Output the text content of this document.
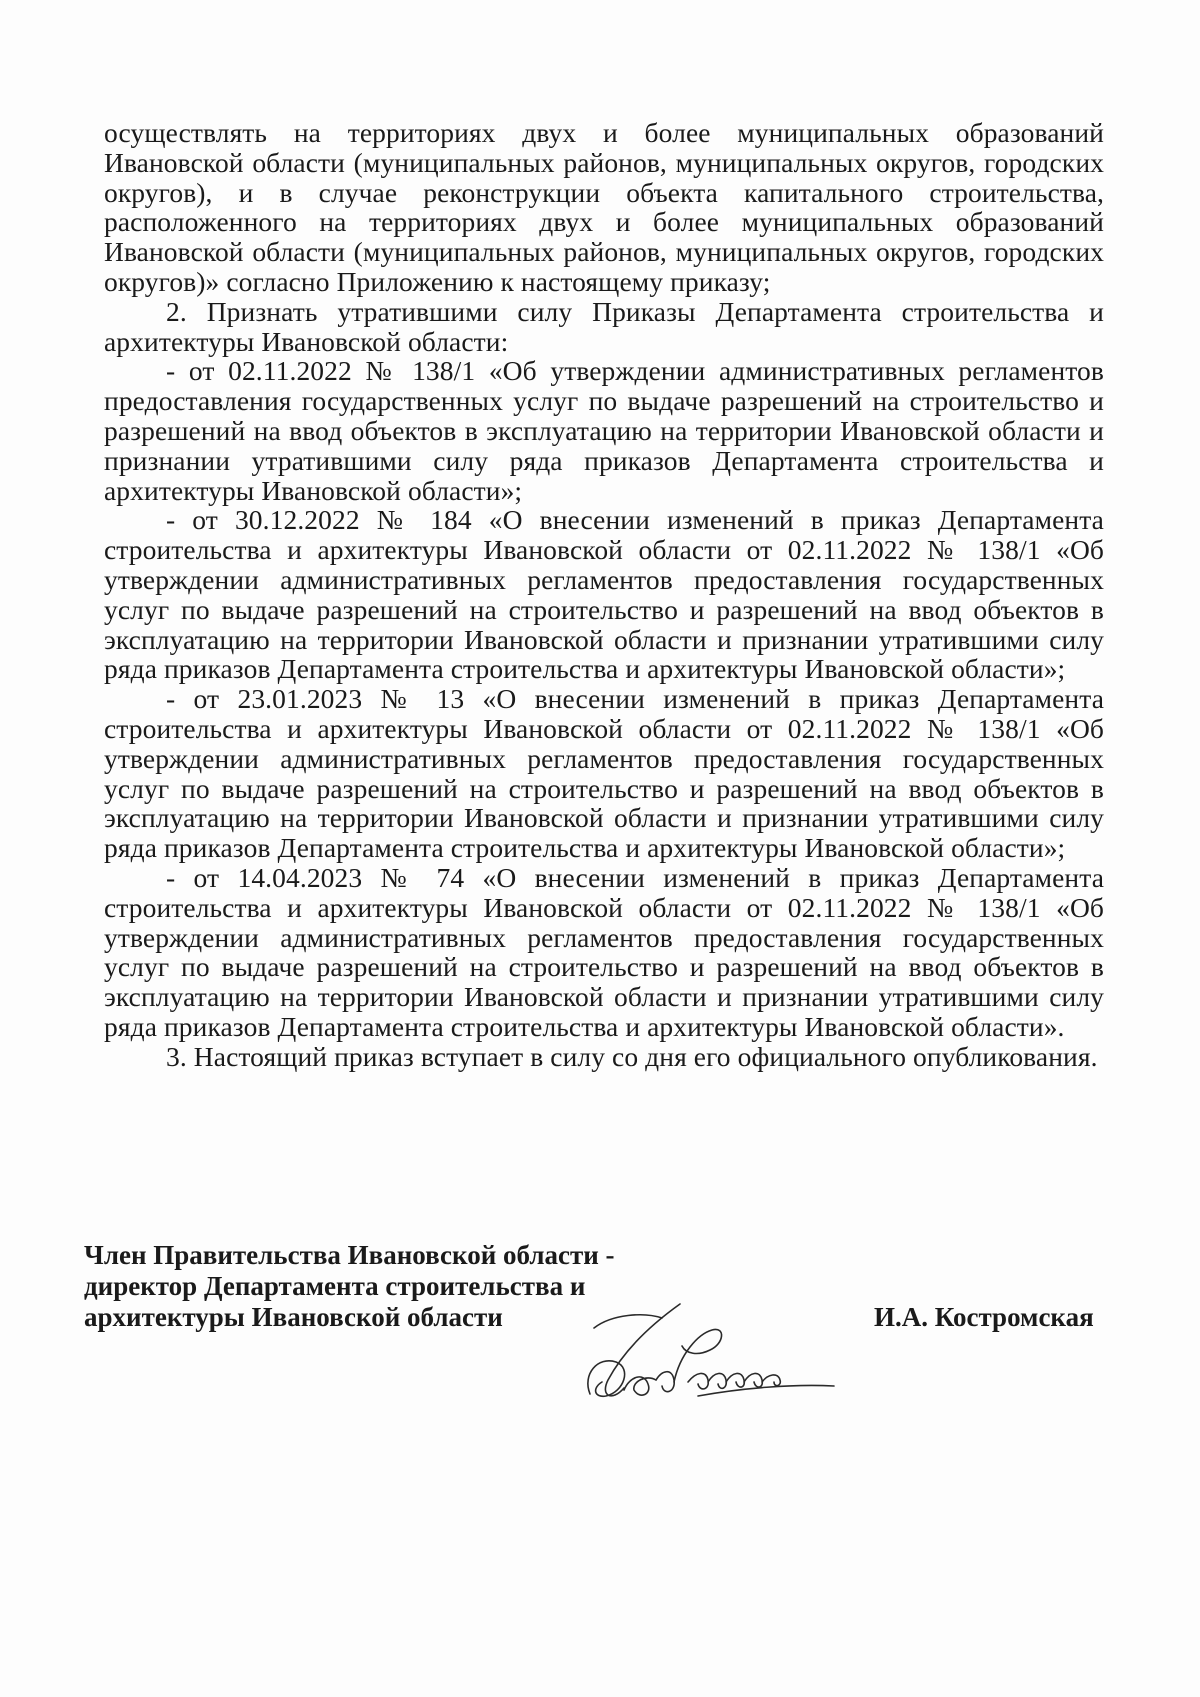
осуществлять на территориях двух и более муниципальных образований Ивановской области (муниципальных районов, муниципальных округов, городских округов), и в случае реконструкции объекта капитального строительства, расположенного на территориях двух и более муниципальных образований Ивановской области (муниципальных районов, муниципальных округов, городских округов)» согласно Приложению к настоящему приказу;

2. Признать утратившими силу Приказы Департамента строительства и архитектуры Ивановской области:

- от 02.11.2022 № 138/1 «Об утверждении административных регламентов предоставления государственных услуг по выдаче разрешений на строительство и разрешений на ввод объектов в эксплуатацию на территории Ивановской области и признании утратившими силу ряда приказов Департамента строительства и архитектуры Ивановской области»;

- от 30.12.2022 № 184 «О внесении изменений в приказ Департамента строительства и архитектуры Ивановской области от 02.11.2022 № 138/1 «Об утверждении административных регламентов предоставления государственных услуг по выдаче разрешений на строительство и разрешений на ввод объектов в эксплуатацию на территории Ивановской области и признании утратившими силу ряда приказов Департамента строительства и архитектуры Ивановской области»;

- от 23.01.2023 № 13 «О внесении изменений в приказ Департамента строительства и архитектуры Ивановской области от 02.11.2022 № 138/1 «Об утверждении административных регламентов предоставления государственных услуг по выдаче разрешений на строительство и разрешений на ввод объектов в эксплуатацию на территории Ивановской области и признании утратившими силу ряда приказов Департамента строительства и архитектуры Ивановской области»;

- от 14.04.2023 № 74 «О внесении изменений в приказ Департамента строительства и архитектуры Ивановской области от 02.11.2022 № 138/1 «Об утверждении административных регламентов предоставления государственных услуг по выдаче разрешений на строительство и разрешений на ввод объектов в эксплуатацию на территории Ивановской области и признании утратившими силу ряда приказов Департамента строительства и архитектуры Ивановской области».

3. Настоящий приказ вступает в силу со дня его официального опубликования.

Член Правительства Ивановской области -
директор Департамента строительства и
архитектуры Ивановской области	И.А. Костромская
